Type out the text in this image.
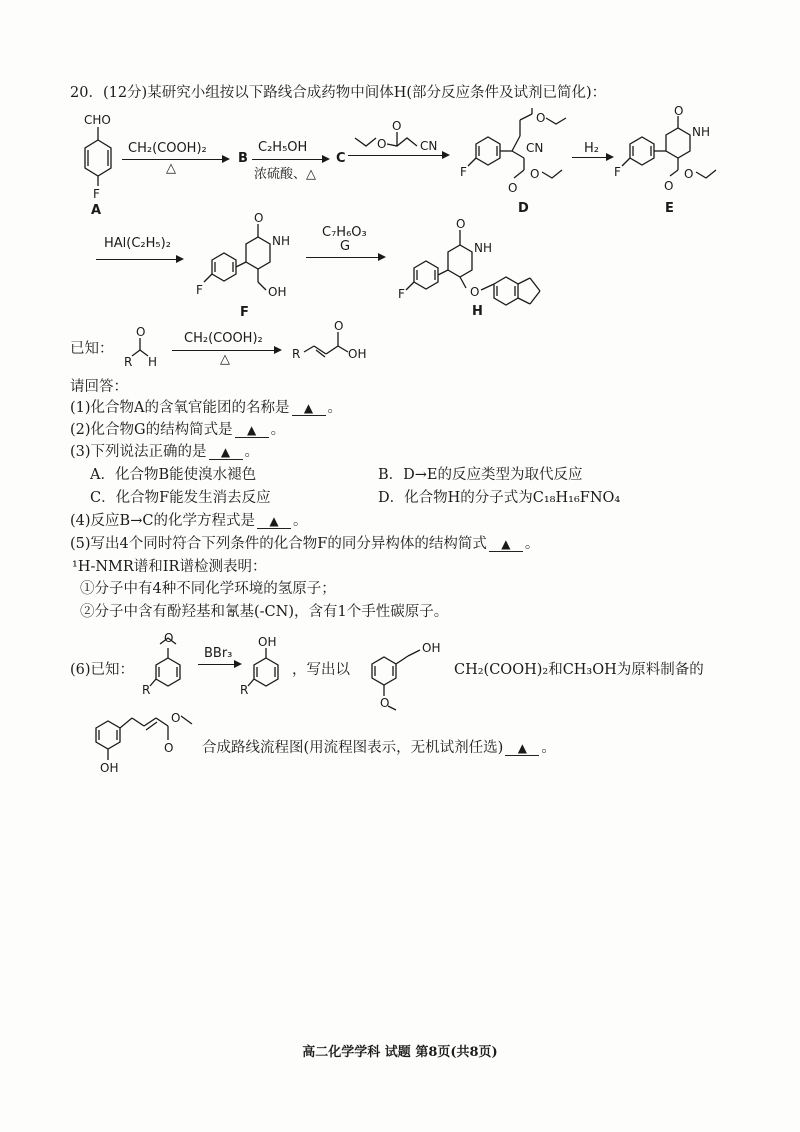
20．(12分)某研究小组按以下路线合成药物中间体H(部分反应条件及试剂已简化)：
CHO
F
A
CH₂(COOH)₂
△
B
C₂H₅OH
浓硫酸、△
C
O
O
CN
F
O
CN
O
O
D
H₂
F
O
NH
O
O
E
HAl(C₂H₅)₂
F
O
NH
OH
F
C₇H₆O₃
G
F
O
NH
O
H
已知：
O
R H
CH₂(COOH)₂
△	R
O
OH
请回答：
(1)化合物A的含氧官能团的名称是 ▲ 。
(2)化合物G的结构简式是 ▲ 。
(3)下列说法正确的是 ▲ 。
A．化合物B能使溴水褪色	B．D→E的反应类型为取代反应
C．化合物F能发生消去反应	D．化合物H的分子式为C₁₈H₁₆FNO₄
(4)反应B→C的化学方程式是 ▲ 。
(5)写出4个同时符合下列条件的化合物F的同分异构体的结构简式 ▲ 。
¹H-NMR谱和IR谱检测表明：
①分子中有4种不同化学环境的氢原子；
②分子中含有酚羟基和氰基(-CN)，含有1个手性碳原子。
(6)已知：
O
R
BBr₃
OH
R
，写出以
OH
O
CH₂(COOH)₂和CH₃OH为原料制备的
O
O
OH
合成路线流程图(用流程图表示，无机试剂任选) ▲ 。
高二化学学科 试题 第8页(共8页)
